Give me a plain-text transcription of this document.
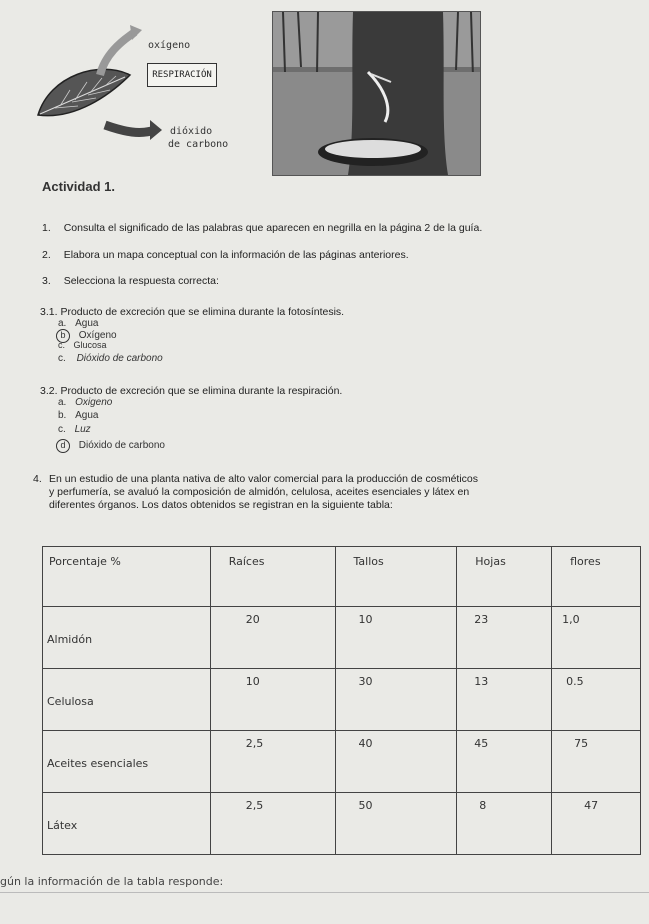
oxígeno
RESPIRACIÓN
dióxido
de carbono
Actividad 1.
1. Consulta el significado de las palabras que aparecen en negrilla en la página 2 de la guía.
2. Elabora un mapa conceptual con la información de las páginas anteriores.
3. Selecciona la respuesta correcta:
3.1. Producto de excreción que se elimina durante la fotosíntesis.
a. Agua
b Oxígeno
c. Glucosa
c. Dióxido de carbono
3.2. Producto de excreción que se elimina durante la respiración.
a. Oxigeno
b. Agua
c. Luz
d Dióxido de carbono
4. En un estudio de una planta nativa de alto valor comercial para la producción de cosméticos
y perfumería, se avaluó la composición de almidón, celulosa, aceites esenciales y látex en
diferentes órganos. Los datos obtenidos se registran en la siguiente tabla:
Porcentaje %	Raíces	Tallos	Hojas	flores

Almidón	20	10	23	1,0

Celulosa	10	30	13	0.5

Aceites esenciales	2,5	40	45	75

Látex	2,5	50	8	47
gún la información de la tabla responde:
